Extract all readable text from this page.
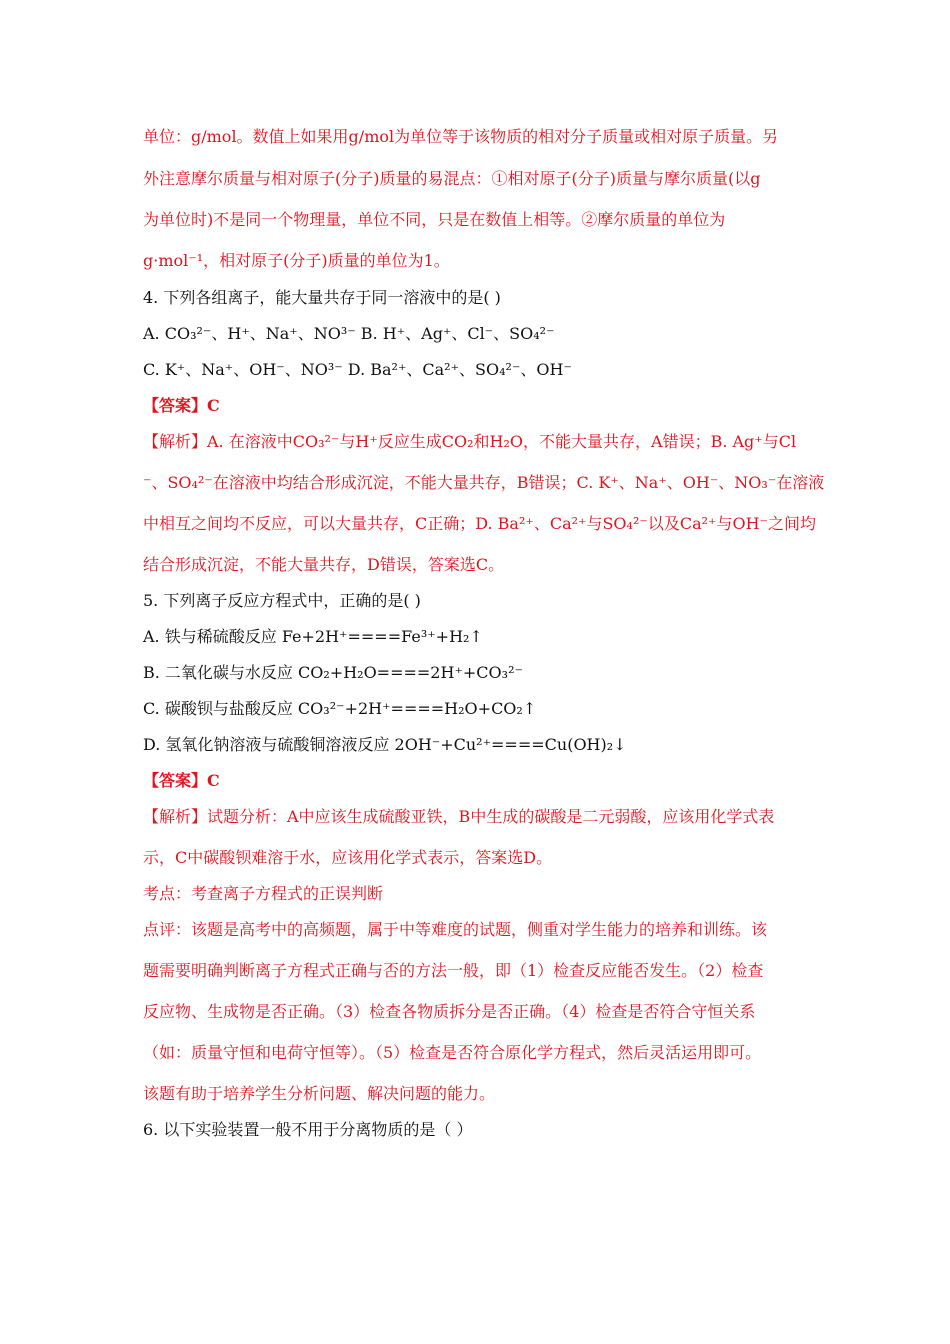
单位：g/mol。数值上如果用g/mol为单位等于该物质的相对分子质量或相对原子质量。另
外注意摩尔质量与相对原子(分子)质量的易混点：①相对原子(分子)质量与摩尔质量(以g
为单位时)不是同一个物理量，单位不同，只是在数值上相等。②摩尔质量的单位为
g·mol⁻¹，相对原子(分子)质量的单位为1。
4. 下列各组离子，能大量共存于同一溶液中的是( )
A. CO₃²⁻、H⁺、Na⁺、NO³⁻ B. H⁺、Ag⁺、Cl⁻、SO₄²⁻
C. K⁺、Na⁺、OH⁻、NO³⁻ D. Ba²⁺、Ca²⁺、SO₄²⁻、OH⁻
【答案】C
【解析】A. 在溶液中CO₃²⁻与H⁺反应生成CO₂和H₂O，不能大量共存，A错误；B. Ag⁺与Cl
⁻、SO₄²⁻在溶液中均结合形成沉淀，不能大量共存，B错误；C. K⁺、Na⁺、OH⁻、NO₃⁻在溶液
中相互之间均不反应，可以大量共存，C正确；D. Ba²⁺、Ca²⁺与SO₄²⁻以及Ca²⁺与OH⁻之间均
结合形成沉淀，不能大量共存，D错误，答案选C。
5. 下列离子反应方程式中，正确的是( )
A. 铁与稀硫酸反应 Fe+2H⁺====Fe³⁺+H₂↑
B. 二氧化碳与水反应 CO₂+H₂O====2H⁺+CO₃²⁻
C. 碳酸钡与盐酸反应 CO₃²⁻+2H⁺====H₂O+CO₂↑
D. 氢氧化钠溶液与硫酸铜溶液反应 2OH⁻+Cu²⁺====Cu(OH)₂↓
【答案】C
【解析】试题分析：A中应该生成硫酸亚铁，B中生成的碳酸是二元弱酸，应该用化学式表
示，C中碳酸钡难溶于水，应该用化学式表示，答案选D。
考点：考查离子方程式的正误判断
点评：该题是高考中的高频题，属于中等难度的试题，侧重对学生能力的培养和训练。该
题需要明确判断离子方程式正确与否的方法一般，即（1）检查反应能否发生。（2）检查
反应物、生成物是否正确。（3）检查各物质拆分是否正确。（4）检查是否符合守恒关系
（如：质量守恒和电荷守恒等）。（5）检查是否符合原化学方程式，然后灵活运用即可。
该题有助于培养学生分析问题、解决问题的能力。
6. 以下实验装置一般不用于分离物质的是（ ）
